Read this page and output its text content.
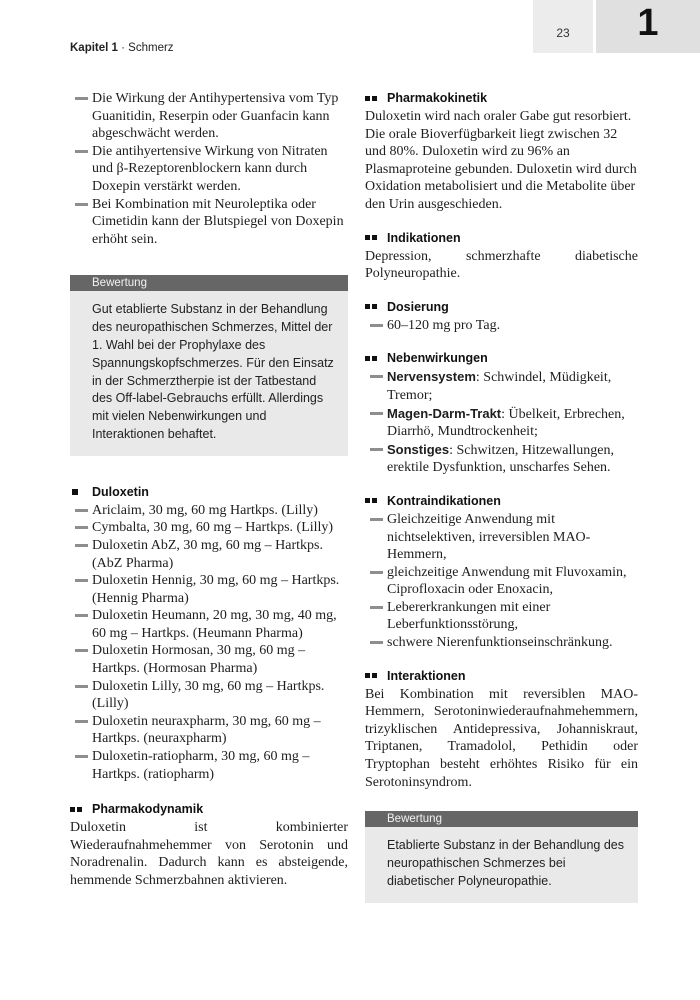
Kapitel 1 · Schmerz
23	1
Die Wirkung der Antihypertensiva vom Typ Guanitidin, Reserpin oder Guanfacin kann abgeschwächt werden.
Die antihyertensive Wirkung von Nitraten und β-Rezeptorenblockern kann durch Doxepin verstärkt werden.
Bei Kombination mit Neuroleptika oder Cimetidin kann der Blutspiegel von Doxepin erhöht sein.
Bewertung
Gut etablierte Substanz in der Behandlung des neuropathischen Schmerzes, Mittel der 1. Wahl bei der Prophylaxe des Spannungskopfschmerzes. Für den Einsatz in der Schmerztherpie ist der Tatbestand des Off-label-Gebrauchs erfüllt. Allerdings mit vielen Nebenwirkungen und Interaktionen behaftet.
Duloxetin
Ariclaim, 30 mg, 60 mg Hartkps. (Lilly)
Cymbalta, 30 mg, 60 mg – Hartkps. (Lilly)
Duloxetin AbZ, 30 mg, 60 mg – Hartkps. (AbZ Pharma)
Duloxetin Hennig, 30 mg, 60 mg – Hartkps. (Hennig Pharma)
Duloxetin Heumann, 20 mg, 30 mg, 40 mg, 60 mg – Hartkps. (Heumann Pharma)
Duloxetin Hormosan, 30 mg, 60 mg – Hartkps. (Hormosan Pharma)
Duloxetin Lilly, 30 mg, 60 mg – Hartkps. (Lilly)
Duloxetin neuraxpharm, 30 mg, 60 mg – Hartkps. (neuraxpharm)
Duloxetin-ratiopharm, 30 mg, 60 mg – Hartkps. (ratiopharm)
Pharmakodynamik

Duloxetin ist kombinierter Wiederaufnahmehemmer von Serotonin und Noradrenalin. Dadurch kann es absteigende, hemmende Schmerzbahnen aktivieren.

Pharmakokinetik

Duloxetin wird nach oraler Gabe gut resorbiert. Die orale Bioverfügbarkeit liegt zwischen 32 und 80%. Duloxetin wird zu 96% an Plasmaproteine gebunden. Duloxetin wird durch Oxidation metabolisiert und die Metabolite über den Urin ausgeschieden.

Indikationen

Depression, schmerzhafte diabetische Polyneuropathie.

Dosierung
60–120 mg pro Tag.
Nebenwirkungen
Nervensystem: Schwindel, Müdigkeit, Tremor;
Magen-Darm-Trakt: Übelkeit, Erbrechen, Diarrhö, Mundtrockenheit;
Sonstiges: Schwitzen, Hitzewallungen, erektile Dysfunktion, unscharfes Sehen.
Kontraindikationen
Gleichzeitige Anwendung mit nichtselektiven, irreversiblen MAO-Hemmern,
gleichzeitige Anwendung mit Fluvoxamin, Ciprofloxacin oder Enoxacin,
Lebererkrankungen mit einer Leberfunktionsstörung,
schwere Nierenfunktionseinschränkung.
Interaktionen

Bei Kombination mit reversiblen MAO-Hemmern, Serotoninwiederaufnahmehemmern, trizyklischen Antidepressiva, Johanniskraut, Triptanen, Tramadolol, Pethidin oder Tryptophan besteht erhöhtes Risiko für ein Serotoninsyndrom.

Bewertung
Etablierte Substanz in der Behandlung des neuropathischen Schmerzes bei diabetischer Polyneuropathie.
